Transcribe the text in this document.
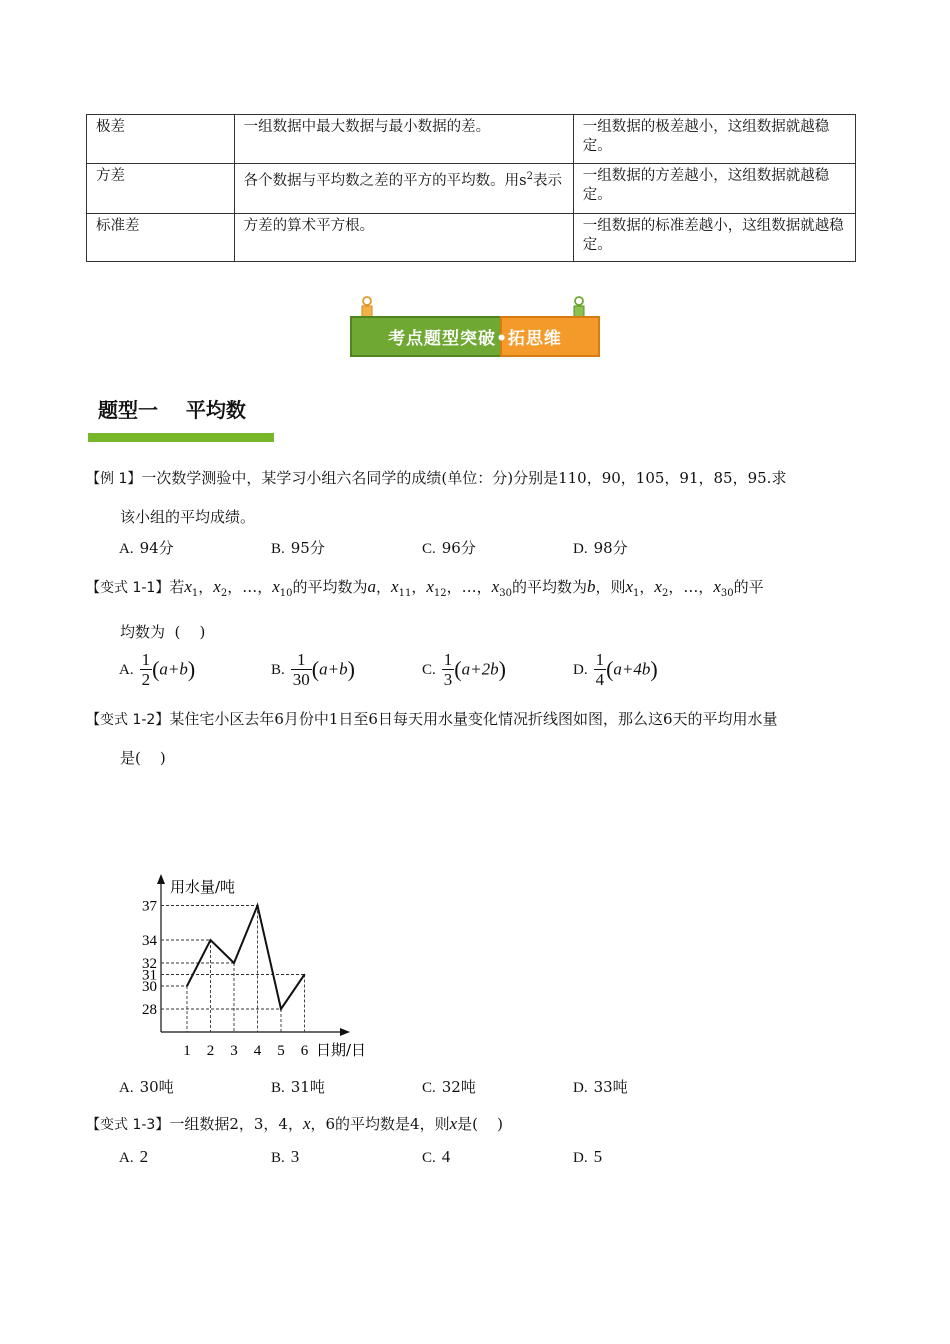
极差	一组数据中最大数据与最小数据的差。	一组数据的极差越小，这组数据就越稳定。
方差	各个数据与平均数之差的平方的平均数。用$s^2$表示	一组数据的方差越小，这组数据就越稳定。
标准差	方差的算术平方根。	一组数据的标准差越小，这组数据就越稳定。
考点题型突破•拓思维
题型一    平均数
【例 1】一次数学测验中，某学习小组六名同学的成绩(单位：分)分别是110，90，105，91，85，95.求
该小组的平均成绩。
A. 94分	B. 95分	C. 96分	D. 98分
【变式 1-1】若$x_1$，$x_2$，…，$x_{10}$的平均数为a，$x_{11}$，$x_{12}$，…，$x_{30}$的平均数为b，则$x_1$，$x_2$，…，$x_{30}$的平
均数为  (    )
A. $\frac{1}{2} (a+b)$	B. $\frac{1}{30} (a+b)$	C. $\frac{1}{3} (a+2b)$	D. $\frac{1}{4} (a+4b)$
【变式 1-2】某住宅小区去年6月份中1日至6日每天用水量变化情况折线图如图，那么这6天的平均用水量
是(    )
28
30
31
32
34
37
1 2 3 4 5 6
用水量/吨
日期/日
A. 30吨	B. 31吨	C. 32吨	D. 33吨
【变式 1-3】一组数据2，3，4，x，6的平均数是4，则x是(    )
A. 2	B. 3	C. 4	D. 5
